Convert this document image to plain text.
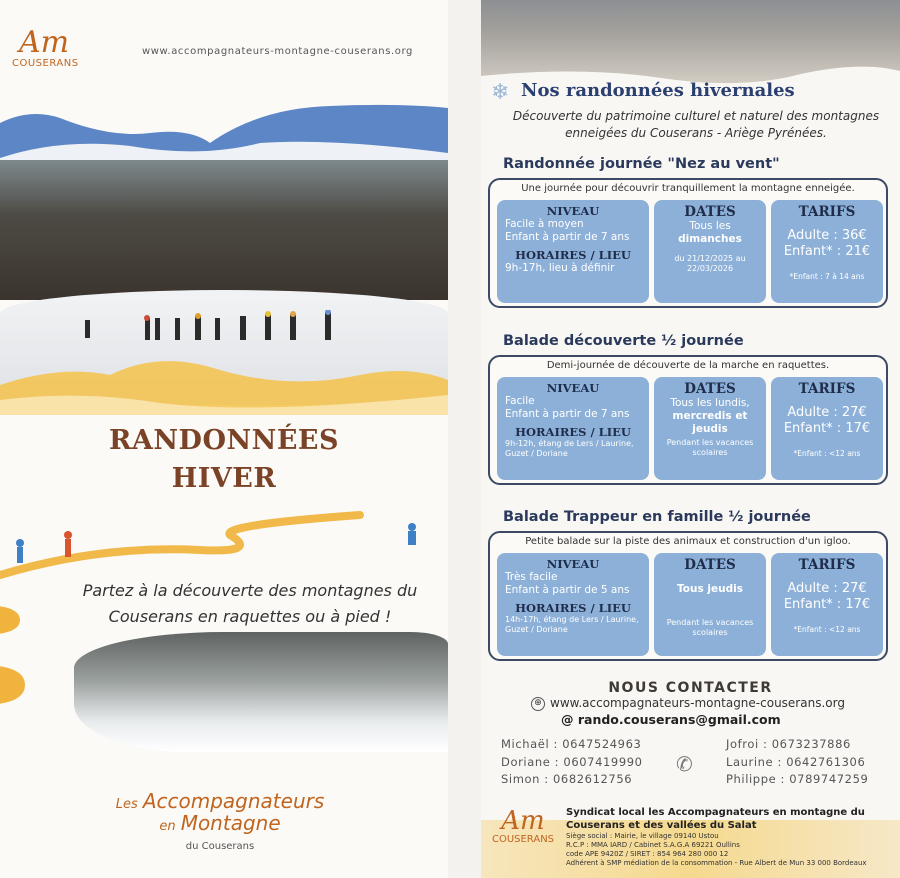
Am
COUSERANS
www.accompagnateurs-montagne-couserans.org
RANDONNÉES
HIVER
Partez à la découverte des montagnes du
Couserans en raquettes ou à pied !
Les Accompagnateurs
en Montagne
du Couserans
❄ Nos randonnées hivernales
Découverte du patrimoine culturel et naturel des montagnes enneigées du Couserans - Ariège Pyrénées.
Randonnée journée "Nez au vent"
Une journée pour découvrir tranquillement la montagne enneigée.
NIVEAU
Facile à moyen
Enfant à partir de 7 ans
HORAIRES / LIEU
9h-17h, lieu à définir
DATES
Tous les
dimanches
du 21/12/2025 au 22/03/2026
TARIFS
Adulte : 36€
Enfant* : 21€
*Enfant : 7 à 14 ans
Balade découverte ½ journée
Demi-journée de découverte de la marche en raquettes.
NIVEAU
Facile
Enfant à partir de 7 ans
HORAIRES / LIEU
9h-12h, étang de Lers / Laurine, Guzet / Doriane
DATES
Tous les lundis,
mercredis et
jeudis
Pendant les vacances scolaires
TARIFS
Adulte : 27€
Enfant* : 17€
*Enfant : <12 ans
Balade Trappeur en famille ½ journée
Petite balade sur la piste des animaux et construction d'un igloo.
NIVEAU
Très facile
Enfant à partir de 5 ans
HORAIRES / LIEU
14h-17h, étang de Lers / Laurine, Guzet / Doriane
DATES
Tous jeudis
Pendant les vacances scolaires
TARIFS
Adulte : 27€
Enfant* : 17€
*Enfant : <12 ans
NOUS CONTACTER
⊕ www.accompagnateurs-montagne-couserans.org
@ rando.couserans@gmail.com
Michaël : 0647524963
Doriane : 0607419990
Simon : 0682612756
✆
Jofroi : 0673237886
Laurine : 0642761306
Philippe : 0789747259
Am
COUSERANS
Syndicat local les Accompagnateurs en montagne du
Couserans et des vallées du Salat
Siège social : Mairie, le village 09140 Ustou
R.C.P : MMA IARD / Cabinet S.A.G.A 69221 Oullins
code APE 9420Z / SIRET : 854 964 280 000 12
Adhérent à SMP médiation de la consommation - Rue Albert de Mun 33 000 Bordeaux
